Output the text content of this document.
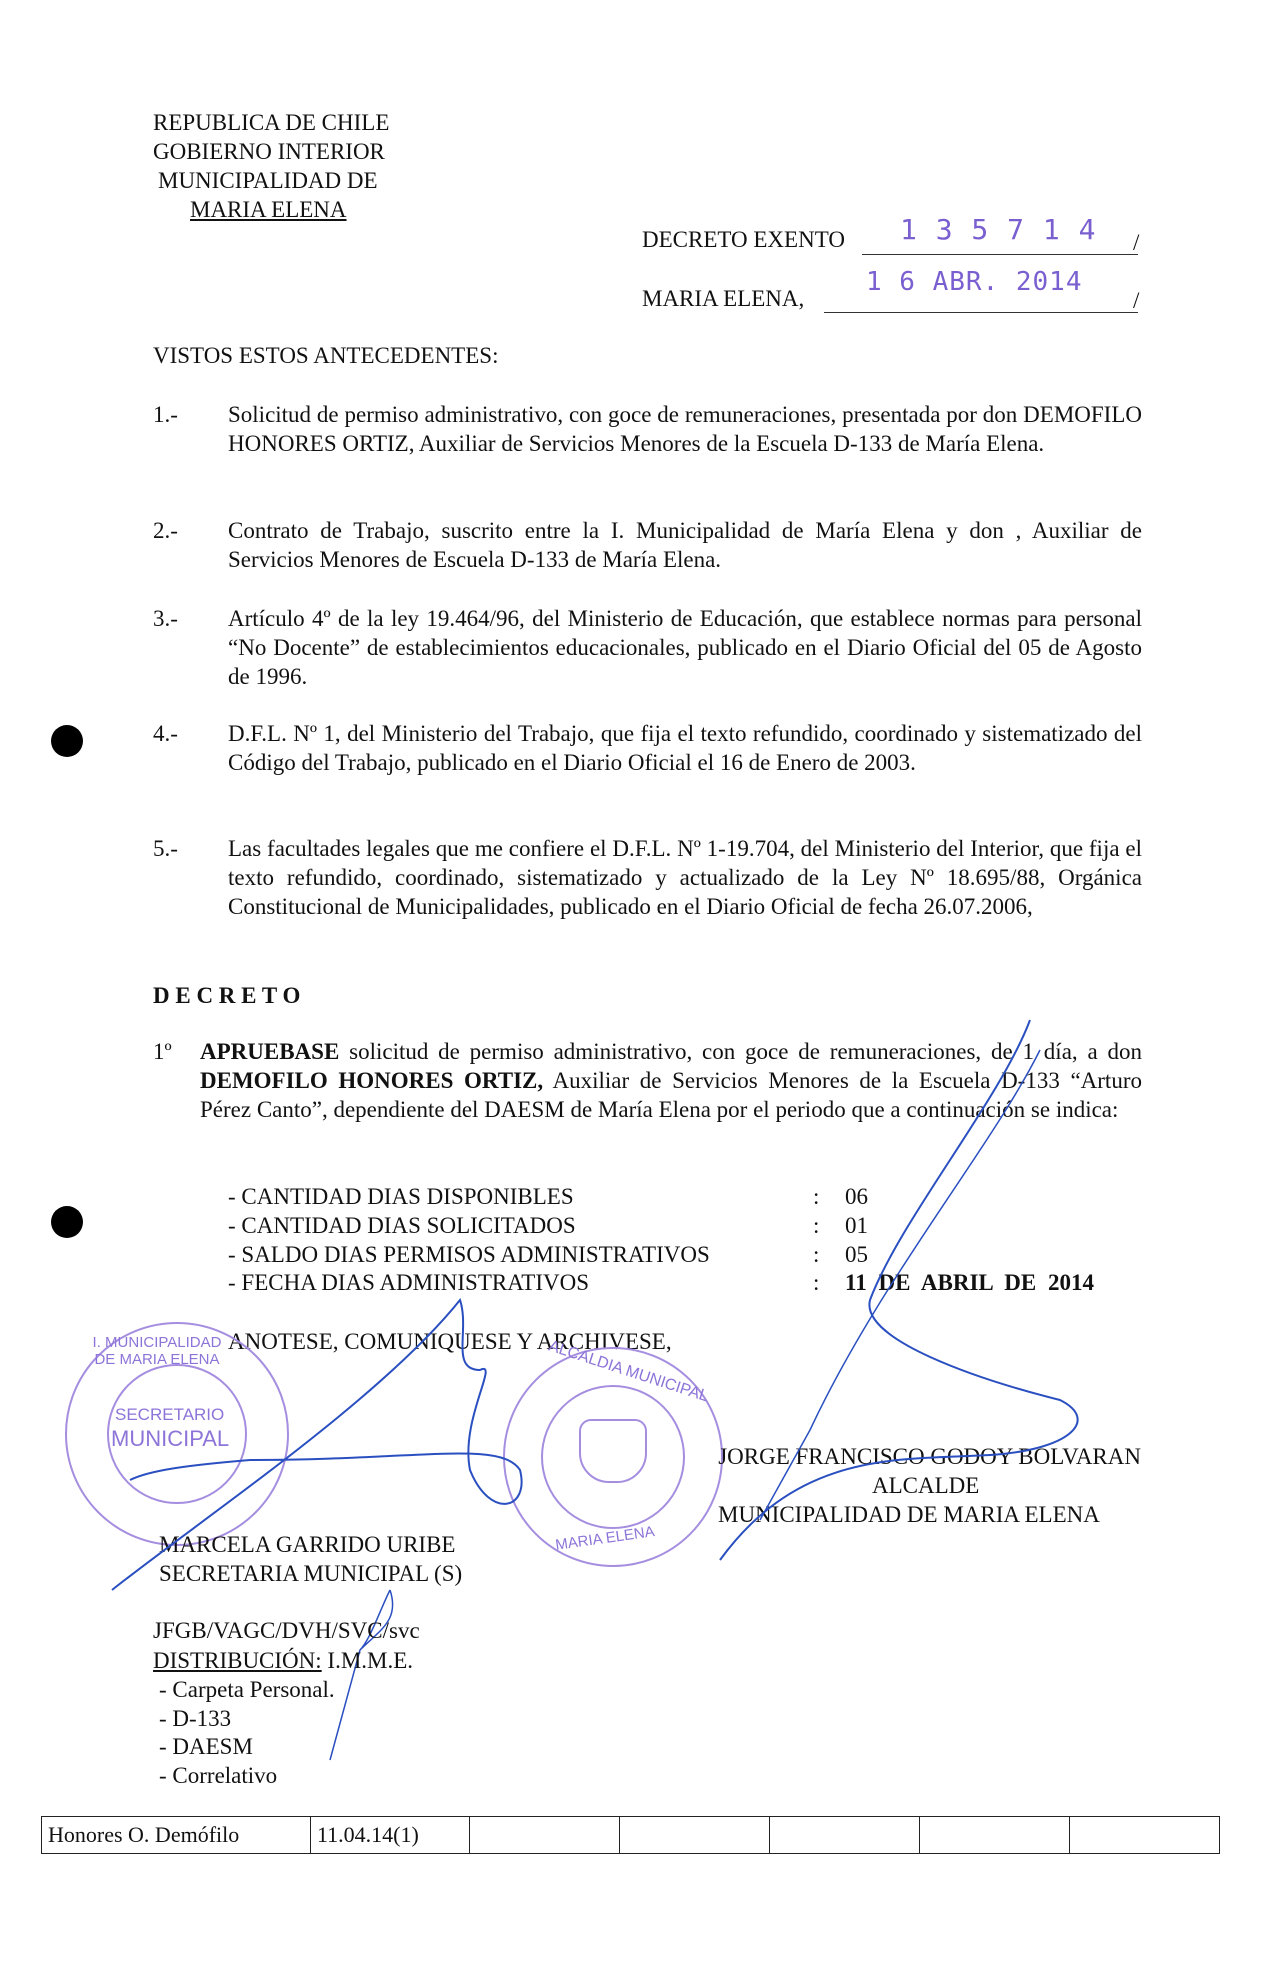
REPUBLICA DE CHILE
GOBIERNO INTERIOR
MUNICIPALIDAD DE
MARIA ELENA
DECRETO EXENTO 1 3 5 7 1 4 /
MARIA ELENA,
1 6 ABR. 2014
/
VISTOS ESTOS ANTECEDENTES:
1.- Solicitud de permiso administrativo, con goce de remuneraciones, presentada por don DEMOFILO HONORES ORTIZ, Auxiliar de Servicios Menores de la Escuela D-133 de María Elena.
2.- Contrato de Trabajo, suscrito entre la I. Municipalidad de María Elena y don , Auxiliar de Servicios Menores de Escuela D-133 de María Elena.
3.- Artículo 4º de la ley 19.464/96, del Ministerio de Educación, que establece normas para personal “No Docente” de establecimientos educacionales, publicado en el Diario Oficial del 05 de Agosto de 1996.
4.- D.F.L. Nº 1, del Ministerio del Trabajo, que fija el texto refundido, coordinado y sistematizado del Código del Trabajo, publicado en el Diario Oficial el 16 de Enero de 2003.
5.- Las facultades legales que me confiere el D.F.L. Nº 1-19.704, del Ministerio del Interior, que fija el texto refundido, coordinado, sistematizado y actualizado de la Ley Nº 18.695/88, Orgánica Constitucional de Municipalidades, publicado en el Diario Oficial de fecha 26.07.2006,
D E C R E T O
1º APRUEBASE solicitud de permiso administrativo, con goce de remuneraciones, de 1 día, a don DEMOFILO HONORES ORTIZ, Auxiliar de Servicios Menores de la Escuela D-133 “Arturo Pérez Canto”, dependiente del DAESM de María Elena por el periodo que a continuación se indica:
- CANTIDAD DIAS DISPONIBLES	: 06
- CANTIDAD DIAS SOLICITADOS	: 01
- SALDO DIAS PERMISOS ADMINISTRATIVOS	: 05
- FECHA DIAS ADMINISTRATIVOS	: 11 DE ABRIL DE 2014
ANOTESE, COMUNIQUESE Y ARCHIVESE,
SECRETARIO
MUNICIPAL
I. MUNICIPALIDAD DE MARIA ELENA	ALCALDIA MUNICIPAL
MARIA ELENA
JORGE FRANCISCO GODOY BOLVARAN
ALCALDE
MUNICIPALIDAD DE MARIA ELENA
MARCELA GARRIDO URIBE
SECRETARIA MUNICIPAL (S)
JFGB/VAGC/DVH/SVC/svc
DISTRIBUCIÓN: I.M.M.E.
- Carpeta Personal.
- D-133
- DAESM
- Correlativo
Honores O. Demófilo	11.04.14(1)					
